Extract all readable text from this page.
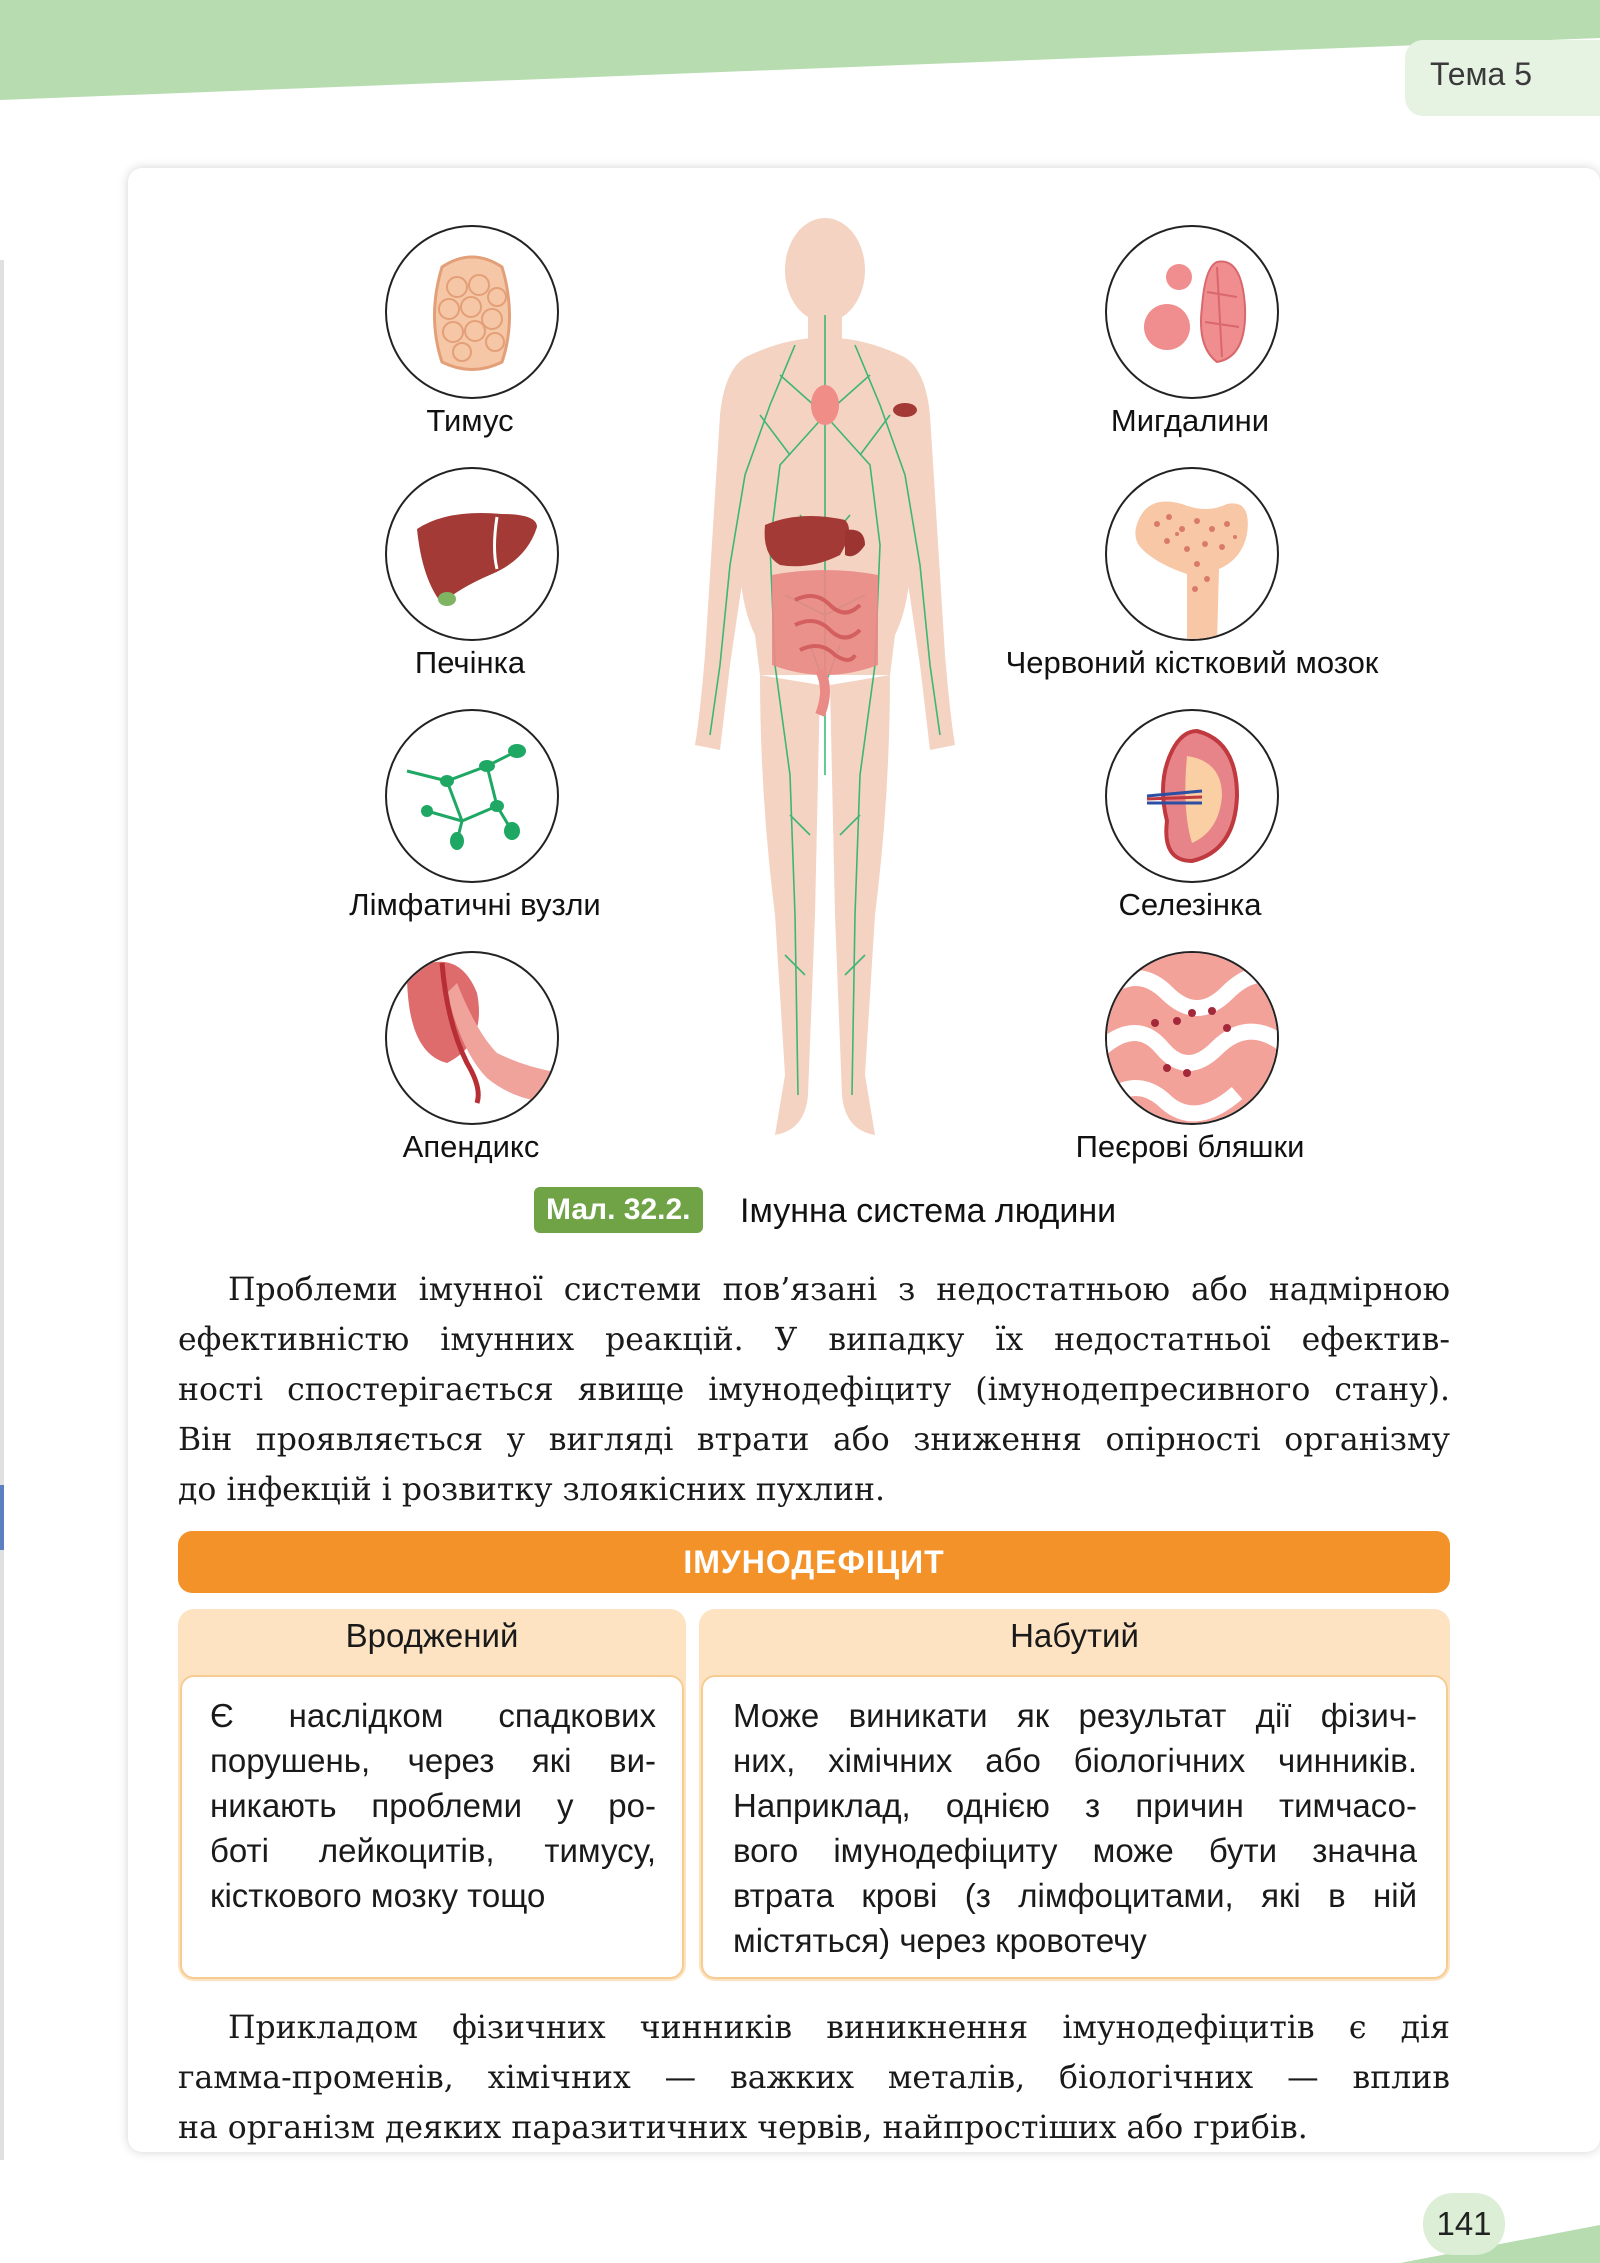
Тема 5
Тимус
Печінка
Лімфатичні вузли
Апендикс
Мигдалини
Червоний кістковий мозок
Селезінка
Пеєрові бляшки
Мал. 32.2.	Імунна система людини
Проблеми імунної системи пов’язані з недостатньою або надмірною
ефективністю імунних реакцій. У випадку їх недостатньої ефектив-
ності спостерігається явище імунодефіциту (імунодепресивного стану).
Він проявляється у вигляді втрати або зниження опірності організму
до інфекцій і розвитку злоякісних пухлин.
ІМУНОДЕФІЦИТ
Вроджений
Є наслідком спадкових
порушень, через які ви-
никають проблеми у ро-
боті лейкоцитів, тимусу,
кісткового мозку тощо
Набутий
Може виникати як результат дії фізич-
них, хімічних або біологічних чинників.
Наприклад, однією з причин тимчасо-
вого імунодефіциту може бути значна
втрата крові (з лімфоцитами, які в ній
містяться) через кровотечу
Прикладом фізичних чинників виникнення імунодефіцитів є дія
гамма-променів, хімічних — важких металів, біологічних — вплив
на організм деяких паразитичних червів, найпростіших або грибів.
141
